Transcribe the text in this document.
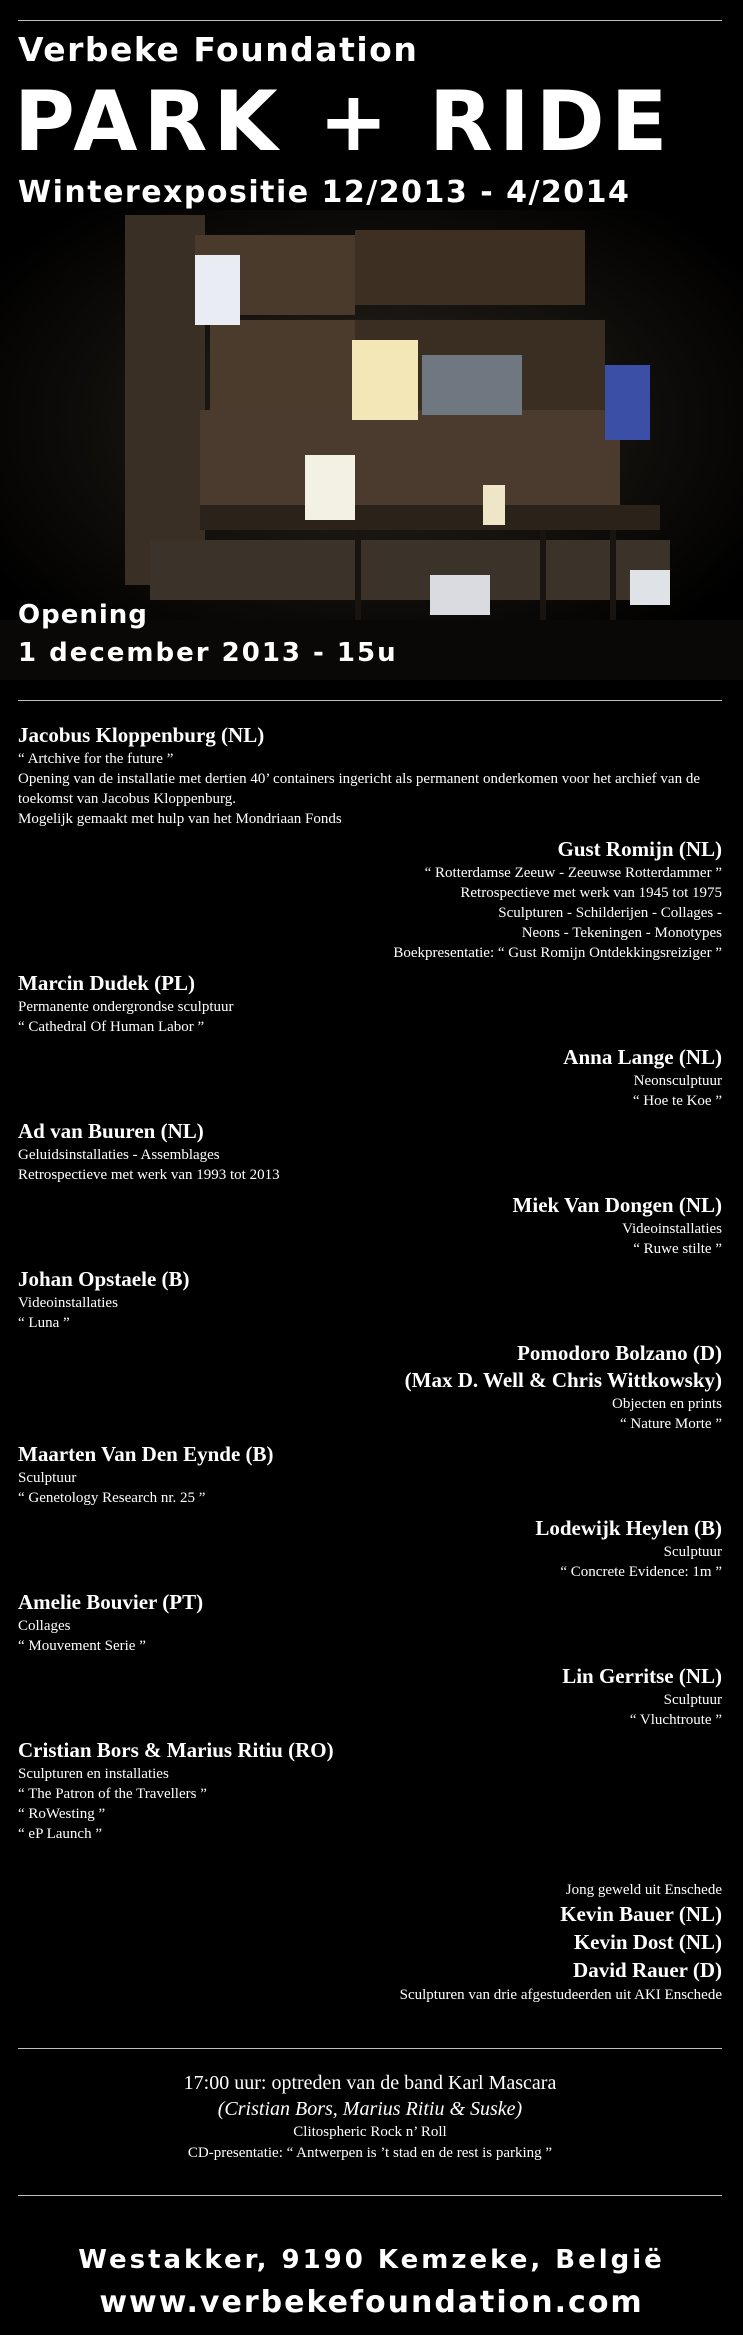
Verbeke Foundation
PARK + RIDE
Winterexpositie 12/2013 - 4/2014
Opening
1 december 2013 - 15u
Jacobus Kloppenburg (NL)
“ Artchive for the future ”
Opening van de installatie met dertien 40’ containers ingericht als permanent onderkomen voor het archief van de toekomst van Jacobus Kloppenburg.
Mogelijk gemaakt met hulp van het Mondriaan Fonds
Gust Romijn (NL)
“ Rotterdamse Zeeuw - Zeeuwse Rotterdammer ”
Retrospectieve met werk van 1945 tot 1975
Sculpturen - Schilderijen - Collages -
Neons - Tekeningen - Monotypes
Boekpresentatie: “ Gust Romijn Ontdekkingsreiziger ”
Marcin Dudek (PL)
Permanente ondergrondse sculptuur
“ Cathedral Of Human Labor ”
Anna Lange (NL)
Neonsculptuur
“ Hoe te Koe ”
Ad van Buuren (NL)
Geluidsinstallaties - Assemblages
Retrospectieve met werk van 1993 tot 2013
Miek Van Dongen (NL)
Videoinstallaties
“ Ruwe stilte ”
Johan Opstaele (B)
Videoinstallaties
“ Luna ”
Pomodoro Bolzano (D)
(Max D. Well & Chris Wittkowsky)
Objecten en prints
“ Nature Morte ”
Maarten Van Den Eynde (B)
Sculptuur
“ Genetology Research nr. 25 ”
Lodewijk Heylen (B)
Sculptuur
“ Concrete Evidence: 1m ”
Amelie Bouvier (PT)
Collages
“ Mouvement Serie ”
Lin Gerritse (NL)
Sculptuur
“ Vluchtroute ”
Cristian Bors & Marius Ritiu (RO)
Sculpturen en installaties
“ The Patron of the Travellers ”
“ RoWesting ”
“ eP Launch ”
Jong geweld uit Enschede
Kevin Bauer (NL)
Kevin Dost (NL)
David Rauer (D)
Sculpturen van drie afgestudeerden uit AKI Enschede
17:00 uur: optreden van de band Karl Mascara
(Cristian Bors, Marius Ritiu & Suske)
Clitospheric Rock n’ Roll
CD-presentatie: “ Antwerpen is ’t stad en de rest is parking ”
Westakker, 9190 Kemzeke, België
www.verbekefoundation.com
